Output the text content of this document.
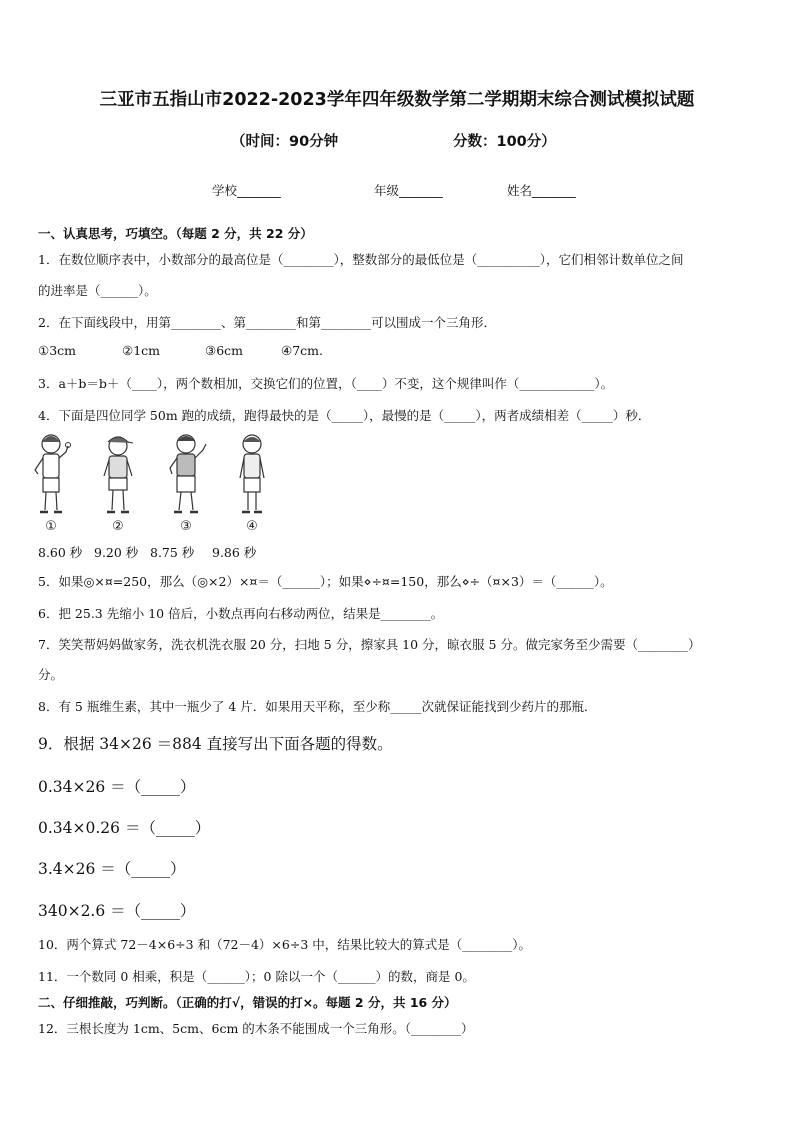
三亚市五指山市2022-2023学年四年级数学第二学期期末综合测试模拟试题
（时间：90分钟	分数：100分）
学校_______	年级_______	姓名_______
一、认真思考，巧填空。（每题 2 分，共 22 分）
1．在数位顺序表中，小数部分的最高位是（________），整数部分的最低位是（__________），它们相邻计数单位之间
的进率是（______）。
2．在下面线段中，用第________、第________和第________可以围成一个三角形．
①3cm	②1cm	③6cm	④7cm.
3．a＋b＝b＋（____），两个数相加，交换它们的位置，（____）不变，这个规律叫作（____________）。
4．下面是四位同学 50m 跑的成绩，跑得最快的是（_____），最慢的是（_____），两者成绩相差（_____）秒．
①	②	③	④
8.60 秒 9.20 秒 8.75 秒 9.86 秒
5．如果◎×¤=250，那么（◎×2）×¤＝（______）；如果⋄÷¤=150，那么⋄÷（¤×3）＝（______）。
6．把 25.3 先缩小 10 倍后，小数点再向右移动两位，结果是________。
7．笑笑帮妈妈做家务，洗衣机洗衣服 20 分，扫地 5 分，擦家具 10 分，晾衣服 5 分。做完家务至少需要（________）
分。
8．有 5 瓶维生素，其中一瓶少了 4 片．如果用天平称，至少称_____次就保证能找到少药片的那瓶．
9．根据 34×26 ＝884 直接写出下面各题的得数。
0.34×26 ＝（_____）
0.34×0.26 ＝（_____）
3.4×26 ＝（_____）
340×2.6 ＝（_____）
10．两个算式 72－4×6÷3 和（72－4）×6÷3 中，结果比较大的算式是（________）。
11．一个数同 0 相乘，积是（______）；0 除以一个（______）的数，商是 0。
二、仔细推敲，巧判断。（正确的打√，错误的打×。每题 2 分，共 16 分）
12．三根长度为 1cm、5cm、6cm 的木条不能围成一个三角形。（________）
